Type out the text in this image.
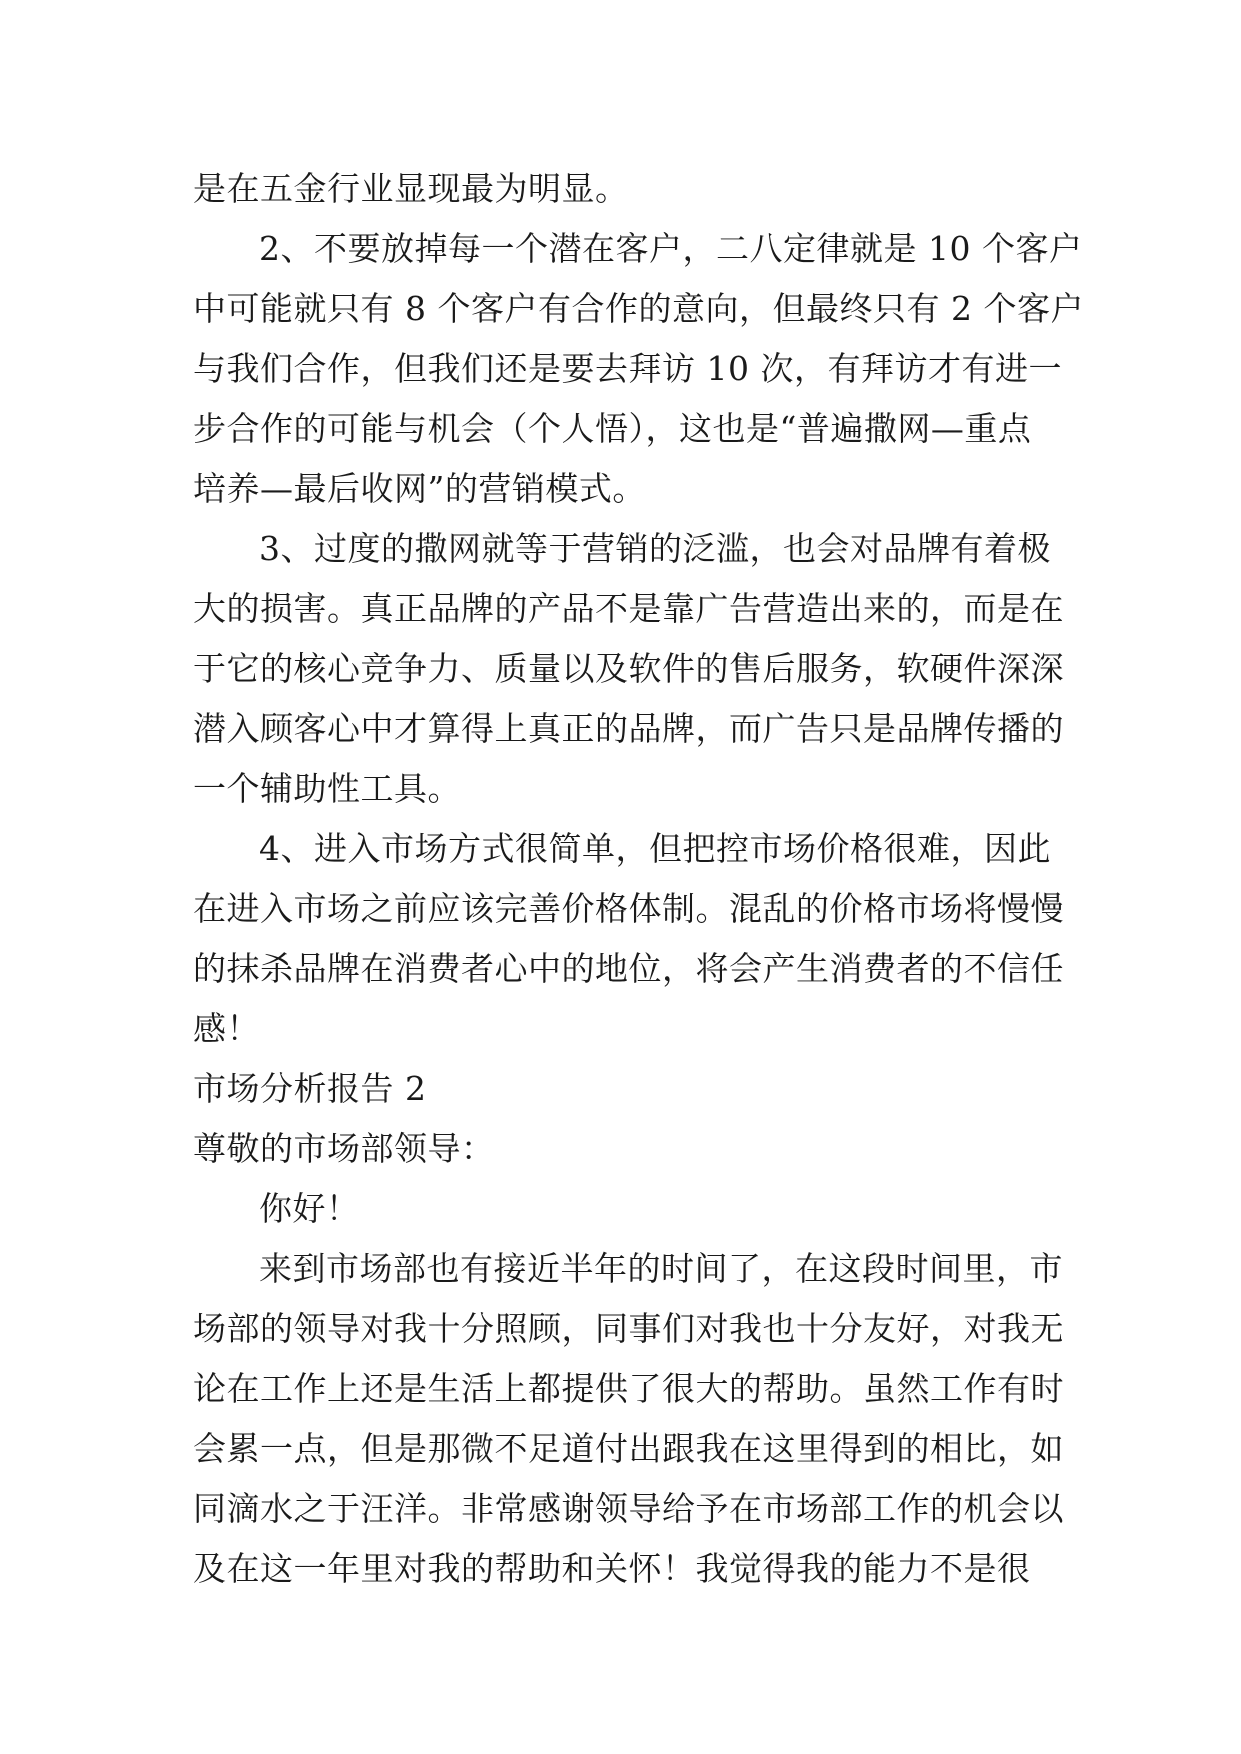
是在五金行业显现最为明显。
2、不要放掉每一个潜在客户，二八定律就是 10 个客户
中可能就只有 8 个客户有合作的意向，但最终只有 2 个客户
与我们合作，但我们还是要去拜访 10 次，有拜访才有进一
步合作的可能与机会（个人悟），这也是“普遍撒网—重点
培养—最后收网”的营销模式。
3、过度的撒网就等于营销的泛滥，也会对品牌有着极
大的损害。真正品牌的产品不是靠广告营造出来的，而是在
于它的核心竞争力、质量以及软件的售后服务，软硬件深深
潜入顾客心中才算得上真正的品牌，而广告只是品牌传播的
一个辅助性工具。
4、进入市场方式很简单，但把控市场价格很难，因此
在进入市场之前应该完善价格体制。混乱的价格市场将慢慢
的抹杀品牌在消费者心中的地位，将会产生消费者的不信任
感！
市场分析报告 2
尊敬的市场部领导：
你好！
来到市场部也有接近半年的时间了，在这段时间里，市
场部的领导对我十分照顾，同事们对我也十分友好，对我无
论在工作上还是生活上都提供了很大的帮助。虽然工作有时
会累一点，但是那微不足道付出跟我在这里得到的相比，如
同滴水之于汪洋。非常感谢领导给予在市场部工作的机会以
及在这一年里对我的帮助和关怀！我觉得我的能力不是很
